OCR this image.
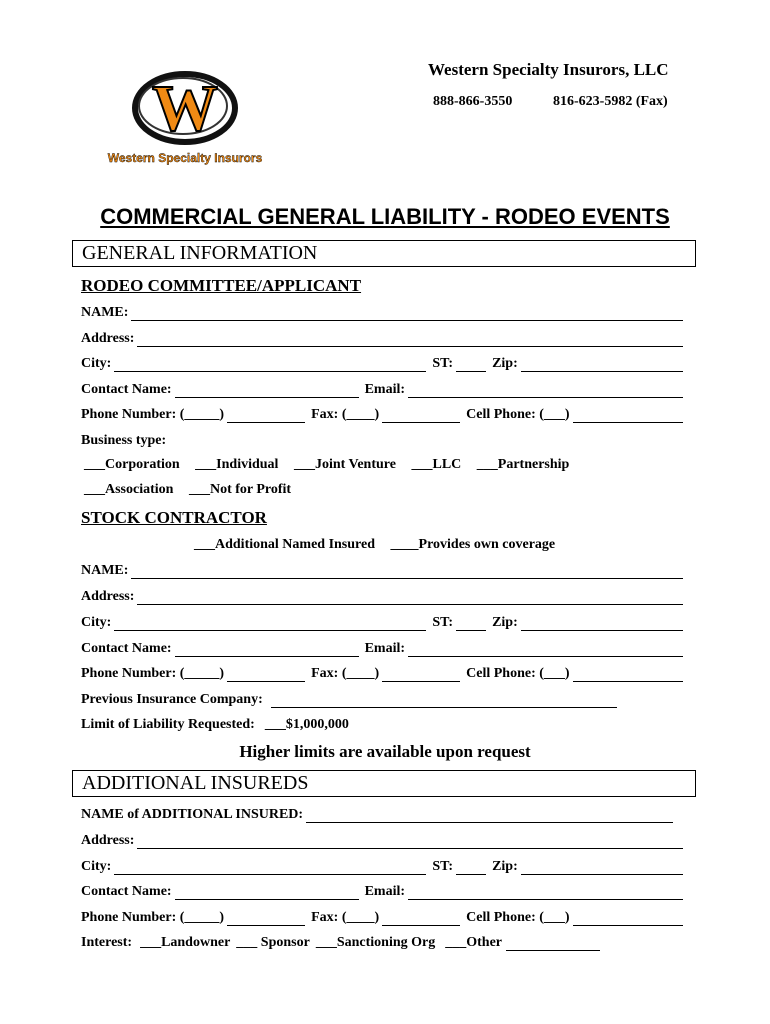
W
Western Specialty Insurors
Western Specialty Insurors, LLC
888-866-3550	816-623-5982 (Fax)
COMMERCIAL GENERAL LIABILITY - RODEO EVENTS
GENERAL INFORMATION
RODEO COMMITTEE/APPLICANT
NAME:
Address:
City:	ST:	Zip:
Contact Name:	Email:
Phone Number: (_____)	Fax: (____)	Cell Phone: (___)
Business type:
___Corporation ___Individual ___Joint Venture ___LLC ___Partnership
___Association ___Not for Profit
STOCK CONTRACTOR
___Additional Named Insured ____Provides own coverage
NAME:
Address:
City:	ST:	Zip:
Contact Name:	Email:
Phone Number: (_____)	Fax: (____)	Cell Phone: (___)
Previous Insurance Company:
Limit of Liability Requested: ___$1,000,000
Higher limits are available upon request
ADDITIONAL INSUREDS
NAME of ADDITIONAL INSURED:
Address:
City:	ST:	Zip:
Contact Name:	Email:
Phone Number: (_____)	Fax: (____)	Cell Phone: (___)
Interest: ___Landowner ___ Sponsor ___Sanctioning Org ___Other
